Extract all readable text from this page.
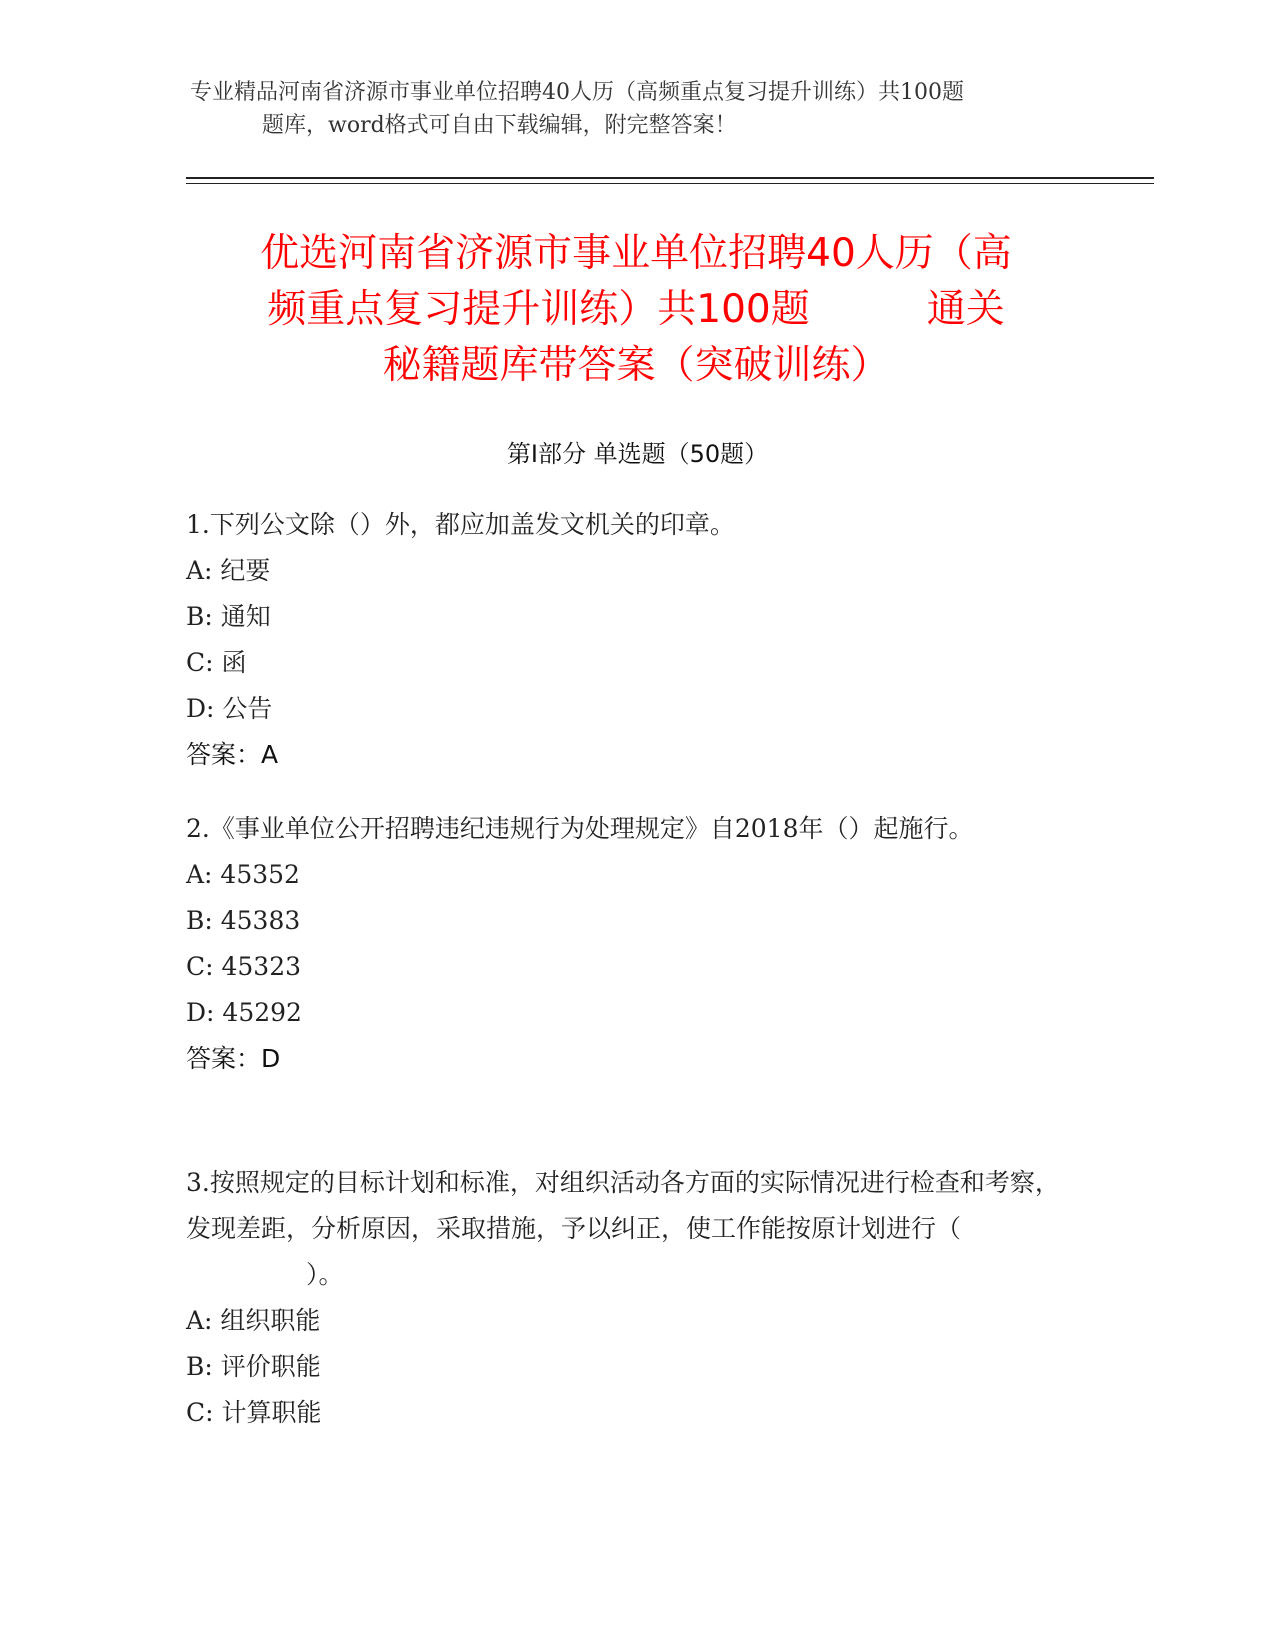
专业精品河南省济源市事业单位招聘40人历（高频重点复习提升训练）共100题
题库，word格式可自由下载编辑，附完整答案！
优选河南省济源市事业单位招聘40人历（高
频重点复习提升训练）共100题　　　通关
秘籍题库带答案（突破训练）
第Ⅰ部分 单选题（50题）

1.下列公文除（）外，都应加盖发文机关的印章。

A: 纪要
B: 通知
C: 函
D: 公告
答案：A

2.《事业单位公开招聘违纪违规行为处理规定》自2018年（）起施行。

A: 45352
B: 45383
C: 45323
D: 45292
答案：D

3.按照规定的目标计划和标准，对组织活动各方面的实际情况进行检查和考察，发现差距，分析原因，采取措施，予以纠正，使工作能按原计划进行（）。

A: 组织职能
B: 评价职能
C: 计算职能
